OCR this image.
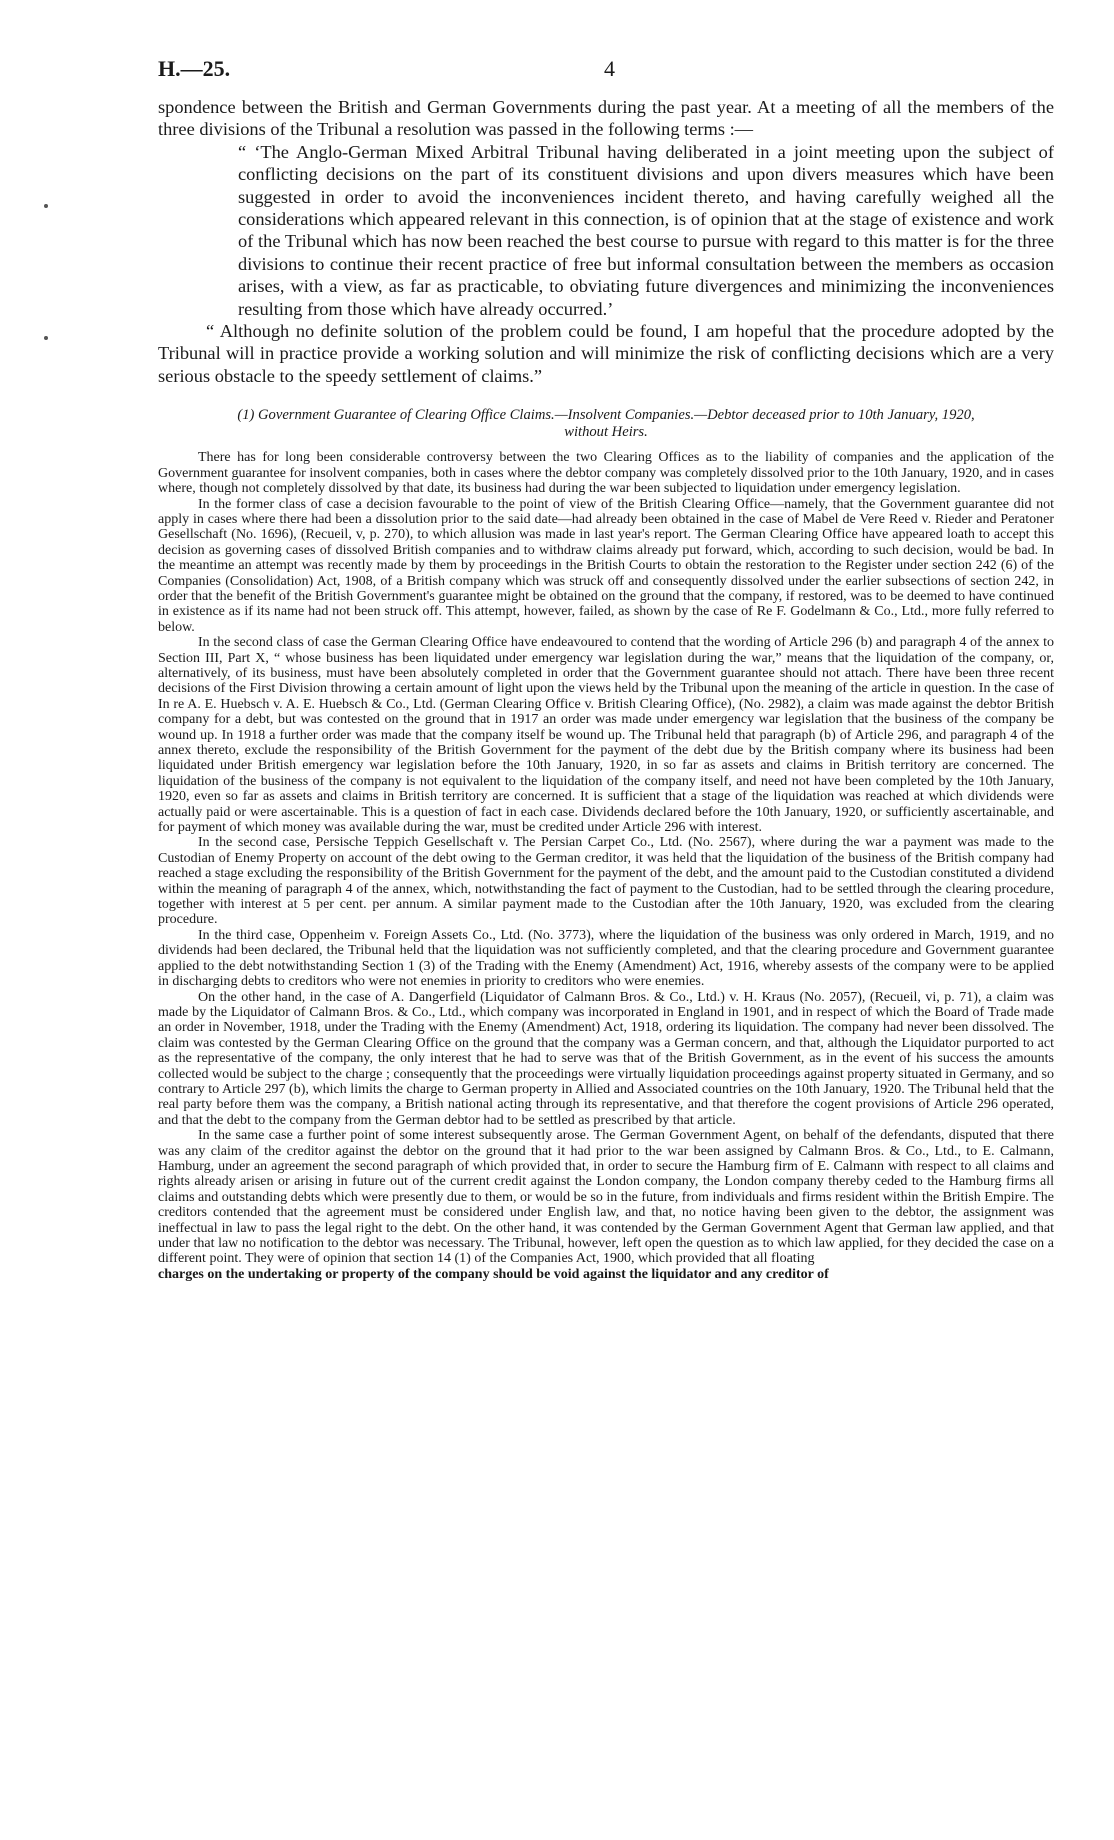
H.—25.	4

spondence between the British and German Governments during the past year. At a meeting of all the members of the three divisions of the Tribunal a resolution was passed in the following terms :—

“ ‘The Anglo-German Mixed Arbitral Tribunal having deliberated in a joint meeting upon the subject of conflicting decisions on the part of its constituent divisions and upon divers measures which have been suggested in order to avoid the inconveniences incident thereto, and having carefully weighed all the considerations which appeared relevant in this connection, is of opinion that at the stage of existence and work of the Tribunal which has now been reached the best course to pursue with regard to this matter is for the three divisions to continue their recent practice of free but informal consultation between the members as occasion arises, with a view, as far as practicable, to obviating future divergences and minimizing the inconveniences resulting from those which have already occurred.’

“ Although no definite solution of the problem could be found, I am hopeful that the procedure adopted by the Tribunal will in practice provide a working solution and will minimize the risk of conflicting decisions which are a very serious obstacle to the speedy settlement of claims.”

(1) Government Guarantee of Clearing Office Claims.—Insolvent Companies.—Debtor deceased prior to 10th January, 1920, without Heirs.

There has for long been considerable controversy between the two Clearing Offices as to the liability of companies and the application of the Government guarantee for insolvent companies, both in cases where the debtor company was completely dissolved prior to the 10th January, 1920, and in cases where, though not completely dissolved by that date, its business had during the war been subjected to liquidation under emergency legislation.

In the former class of case a decision favourable to the point of view of the British Clearing Office—namely, that the Government guarantee did not apply in cases where there had been a dissolution prior to the said date—had already been obtained in the case of Mabel de Vere Reed v. Rieder and Peratoner Gesellschaft (No. 1696), (Recueil, v, p. 270), to which allusion was made in last year's report. The German Clearing Office have appeared loath to accept this decision as governing cases of dissolved British companies and to withdraw claims already put forward, which, according to such decision, would be bad. In the meantime an attempt was recently made by them by proceedings in the British Courts to obtain the restoration to the Register under section 242 (6) of the Companies (Consolidation) Act, 1908, of a British company which was struck off and consequently dissolved under the earlier subsections of section 242, in order that the benefit of the British Government's guarantee might be obtained on the ground that the company, if restored, was to be deemed to have continued in existence as if its name had not been struck off. This attempt, however, failed, as shown by the case of Re F. Godelmann & Co., Ltd., more fully referred to below.

In the second class of case the German Clearing Office have endeavoured to contend that the wording of Article 296 (b) and paragraph 4 of the annex to Section III, Part X, “ whose business has been liquidated under emergency war legislation during the war,” means that the liquidation of the company, or, alternatively, of its business, must have been absolutely completed in order that the Government guarantee should not attach. There have been three recent decisions of the First Division throwing a certain amount of light upon the views held by the Tribunal upon the meaning of the article in question. In the case of In re A. E. Huebsch v. A. E. Huebsch & Co., Ltd. (German Clearing Office v. British Clearing Office), (No. 2982), a claim was made against the debtor British company for a debt, but was contested on the ground that in 1917 an order was made under emergency war legislation that the business of the company be wound up. In 1918 a further order was made that the company itself be wound up. The Tribunal held that paragraph (b) of Article 296, and paragraph 4 of the annex thereto, exclude the responsibility of the British Government for the payment of the debt due by the British company where its business had been liquidated under British emergency war legislation before the 10th January, 1920, in so far as assets and claims in British territory are concerned. The liquidation of the business of the company is not equivalent to the liquidation of the company itself, and need not have been completed by the 10th January, 1920, even so far as assets and claims in British territory are concerned. It is sufficient that a stage of the liquidation was reached at which dividends were actually paid or were ascertainable. This is a question of fact in each case. Dividends declared before the 10th January, 1920, or sufficiently ascertainable, and for payment of which money was available during the war, must be credited under Article 296 with interest.

In the second case, Persische Teppich Gesellschaft v. The Persian Carpet Co., Ltd. (No. 2567), where during the war a payment was made to the Custodian of Enemy Property on account of the debt owing to the German creditor, it was held that the liquidation of the business of the British company had reached a stage excluding the responsibility of the British Government for the payment of the debt, and the amount paid to the Custodian constituted a dividend within the meaning of paragraph 4 of the annex, which, notwithstanding the fact of payment to the Custodian, had to be settled through the clearing procedure, together with interest at 5 per cent. per annum. A similar payment made to the Custodian after the 10th January, 1920, was excluded from the clearing procedure.

In the third case, Oppenheim v. Foreign Assets Co., Ltd. (No. 3773), where the liquidation of the business was only ordered in March, 1919, and no dividends had been declared, the Tribunal held that the liquidation was not sufficiently completed, and that the clearing procedure and Government guarantee applied to the debt notwithstanding Section 1 (3) of the Trading with the Enemy (Amendment) Act, 1916, whereby assests of the company were to be applied in discharging debts to creditors who were not enemies in priority to creditors who were enemies.

On the other hand, in the case of A. Dangerfield (Liquidator of Calmann Bros. & Co., Ltd.) v. H. Kraus (No. 2057), (Recueil, vi, p. 71), a claim was made by the Liquidator of Calmann Bros. & Co., Ltd., which company was incorporated in England in 1901, and in respect of which the Board of Trade made an order in November, 1918, under the Trading with the Enemy (Amendment) Act, 1918, ordering its liquidation. The company had never been dissolved. The claim was contested by the German Clearing Office on the ground that the company was a German concern, and that, although the Liquidator purported to act as the representative of the company, the only interest that he had to serve was that of the British Government, as in the event of his success the amounts collected would be subject to the charge ; consequently that the proceedings were virtually liquidation proceedings against property situated in Germany, and so contrary to Article 297 (b), which limits the charge to German property in Allied and Associated countries on the 10th January, 1920. The Tribunal held that the real party before them was the company, a British national acting through its representative, and that therefore the cogent provisions of Article 296 operated, and that the debt to the company from the German debtor had to be settled as prescribed by that article.

In the same case a further point of some interest subsequently arose. The German Government Agent, on behalf of the defendants, disputed that there was any claim of the creditor against the debtor on the ground that it had prior to the war been assigned by Calmann Bros. & Co., Ltd., to E. Calmann, Hamburg, under an agreement the second paragraph of which provided that, in order to secure the Hamburg firm of E. Calmann with respect to all claims and rights already arisen or arising in future out of the current credit against the London company, the London company thereby ceded to the Hamburg firms all claims and outstanding debts which were presently due to them, or would be so in the future, from individuals and firms resident within the British Empire. The creditors contended that the agreement must be considered under English law, and that, no notice having been given to the debtor, the assignment was ineffectual in law to pass the legal right to the debt. On the other hand, it was contended by the German Government Agent that German law applied, and that under that law no notification to the debtor was necessary. The Tribunal, however, left open the question as to which law applied, for they decided the case on a different point. They were of opinion that section 14 (1) of the Companies Act, 1900, which provided that all floating

charges on the undertaking or property of the company should be void against the liquidator and any creditor of
